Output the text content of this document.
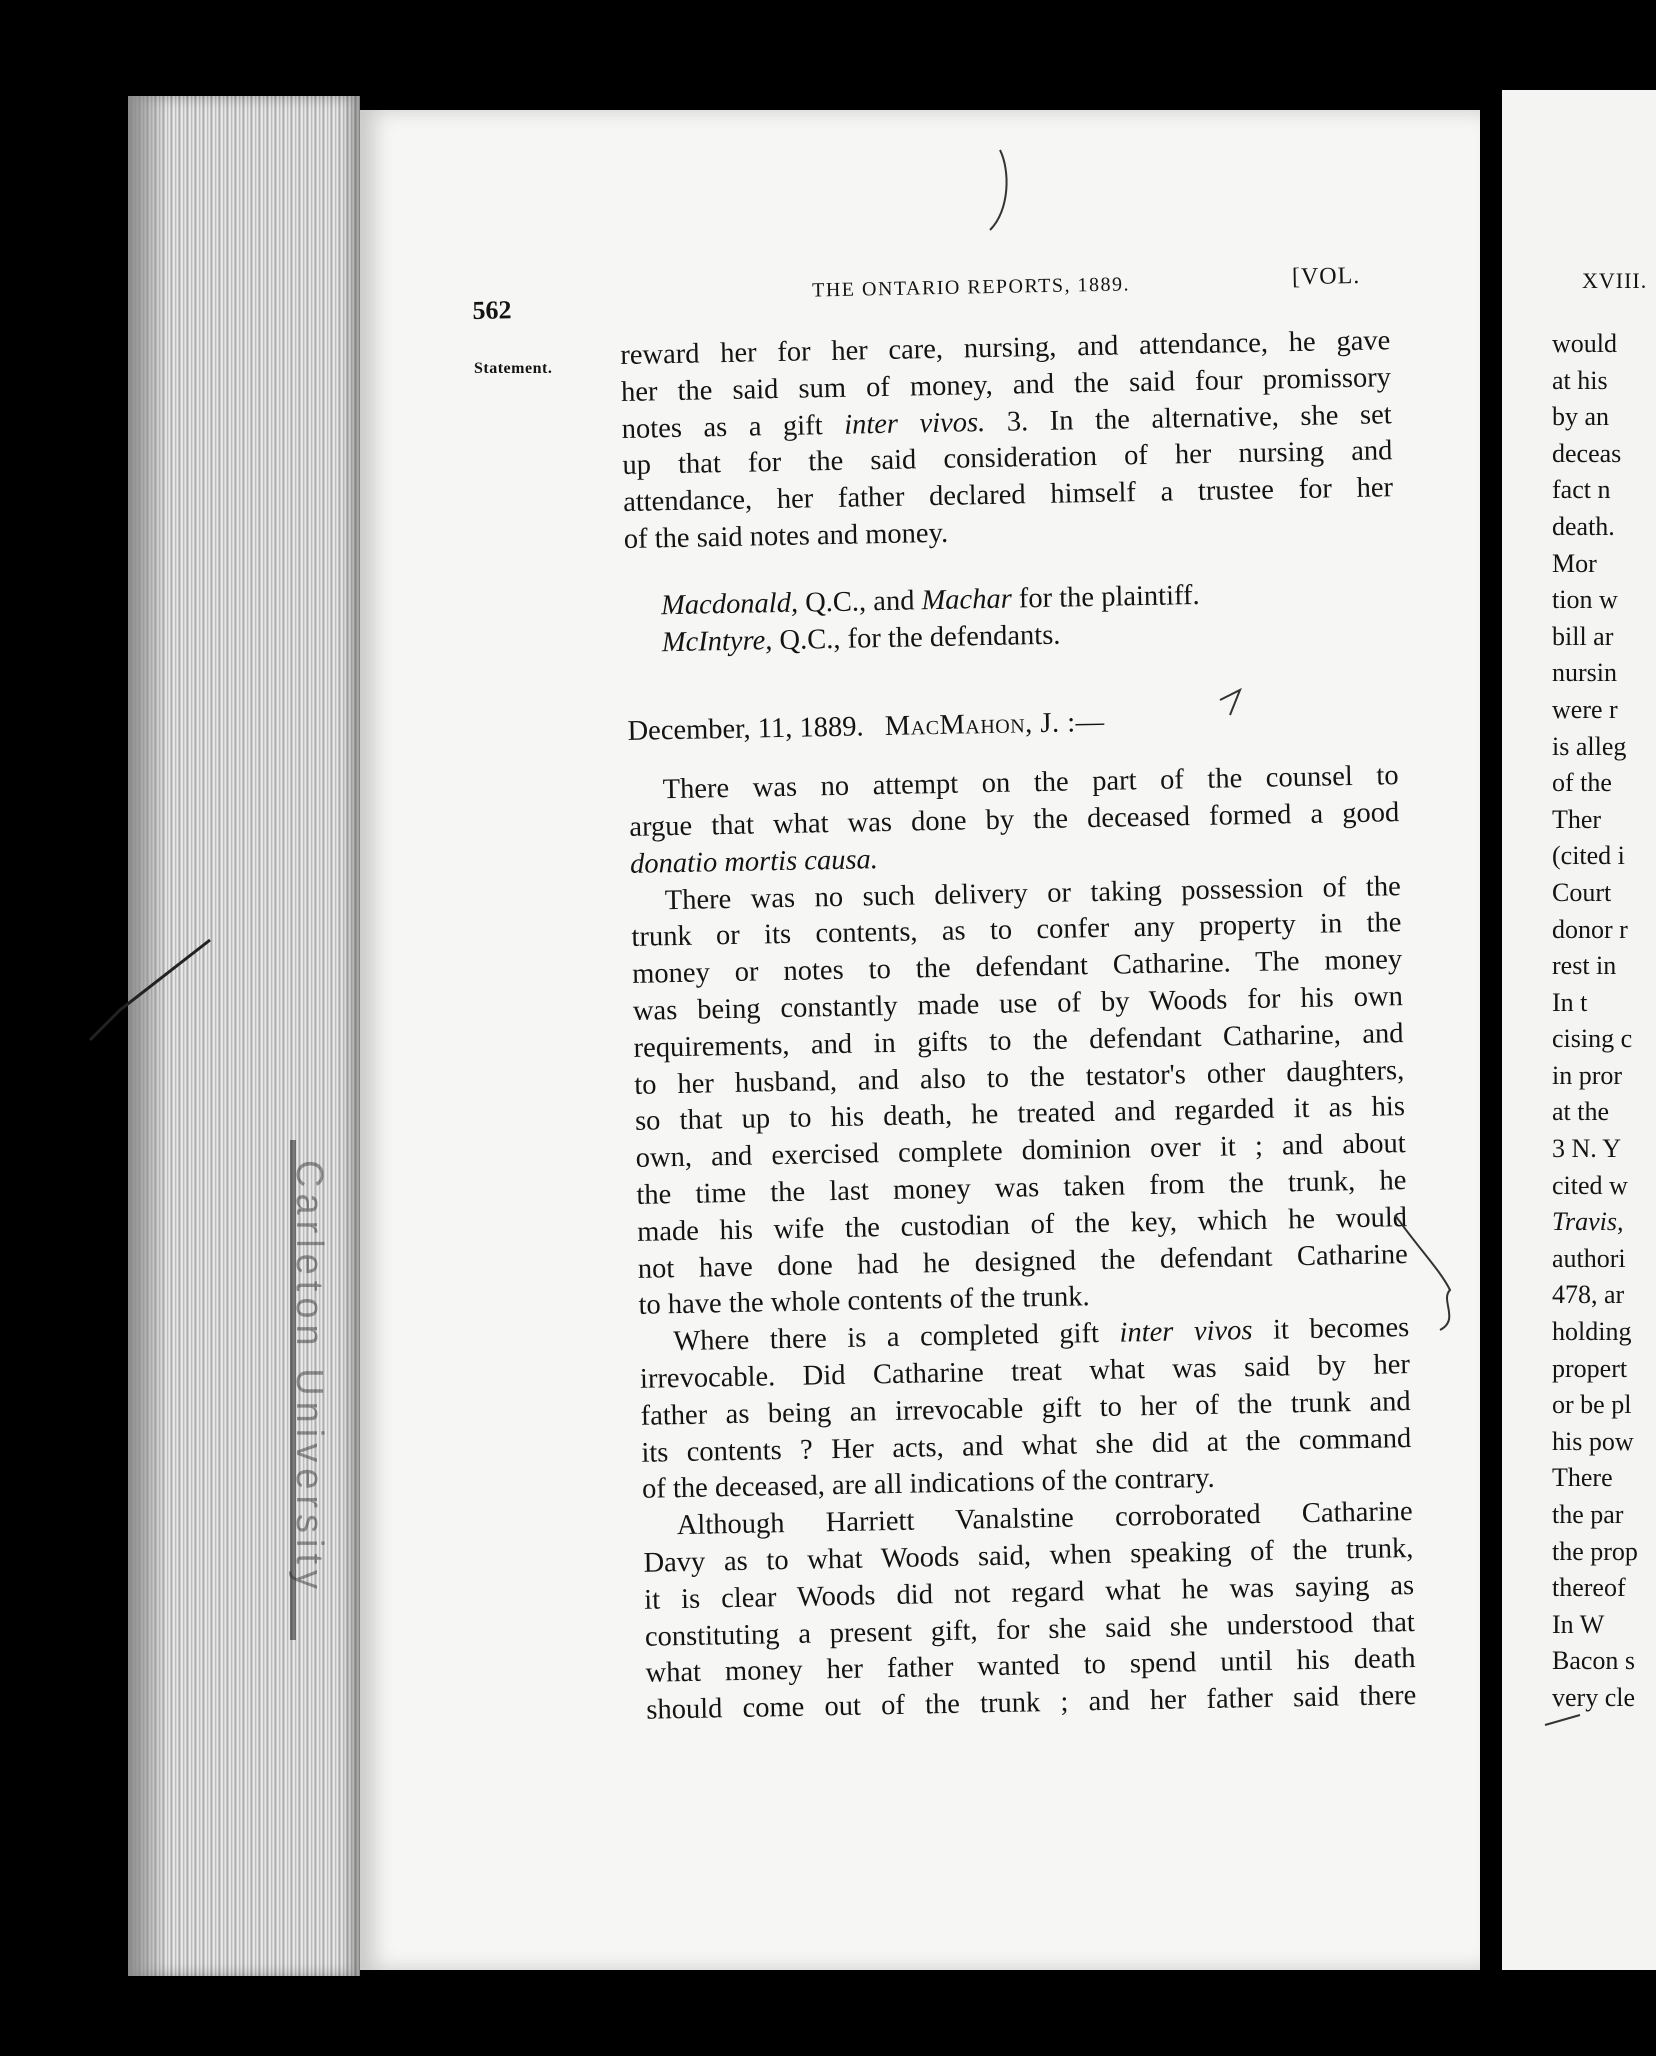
Carleton University
XVIII.
would
at his
by an
deceas
fact n
death.
Mor
tion w
bill ar
nursin
were r
is alleg
of the
Ther
(cited i
Court
donor r
rest in
In t
cising c
in pror
at the
3 N. Y
cited w
Travis,
authori
478, ar
holding
propert
or be pl
his pow
There
the par
the prop
thereof
In W
Bacon s
very cle
562
THE ONTARIO REPORTS, 1889.	[VOL.
Statement. reward her for her care, nursing, and attendance, he gave
her the said sum of money, and the said four promissory
notes as a gift inter vivos. 3. In the alternative, she set
up that for the said consideration of her nursing and
attendance, her father declared himself a trustee for her
of the said notes and money.
Macdonald, Q.C., and Machar for the plaintiff.
McIntyre, Q.C., for the defendants.
December, 11, 1889. MacMahon, J. :—
There was no attempt on the part of the counsel to
argue that what was done by the deceased formed a good
donatio mortis causa.
There was no such delivery or taking possession of the
trunk or its contents, as to confer any property in the
money or notes to the defendant Catharine. The money
was being constantly made use of by Woods for his own
requirements, and in gifts to the defendant Catharine, and
to her husband, and also to the testator's other daughters,
so that up to his death, he treated and regarded it as his
own, and exercised complete dominion over it ; and about
the time the last money was taken from the trunk, he
made his wife the custodian of the key, which he would
not have done had he designed the defendant Catharine
to have the whole contents of the trunk.
Where there is a completed gift inter vivos it becomes
irrevocable. Did Catharine treat what was said by her
father as being an irrevocable gift to her of the trunk and
its contents ? Her acts, and what she did at the command
of the deceased, are all indications of the contrary.
Although Harriett Vanalstine corroborated Catharine
Davy as to what Woods said, when speaking of the trunk,
it is clear Woods did not regard what he was saying as
constituting a present gift, for she said she understood that
what money her father wanted to spend until his death
should come out of the trunk ; and her father said there
